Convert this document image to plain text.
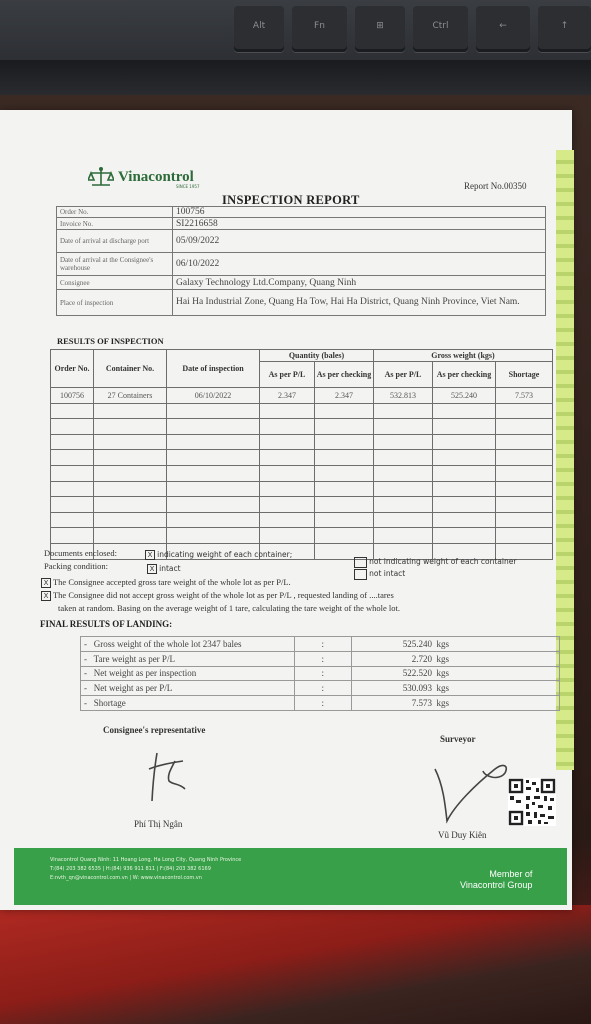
Alt	Fn	⊞	Ctrl	←	↑
Vinacontrol
SINCE 1957	Report No.00350
INSPECTION REPORT
Order No.	100756
Invoice No.	SI2216658
Date of arrival at discharge port	05/09/2022
Date of arrival at the Consignee's warehouse	06/10/2022
Consignee	Galaxy Technology Ltd.Company, Quang Ninh
Place of inspection	Hai Ha Industrial Zone, Quang Ha Tow, Hai Ha District, Quang Ninh Province, Viet Nam.
RESULTS OF INSPECTION
Order No.	Container No.	Date of inspection	Quantity (bales)		Gross weight (kgs)		
			As per P/L	As per checking	As per P/L	As per checking	Shortage
100756	27 Containers	06/10/2022	2.347	2.347	532.813	525.240	7.573

Documents enclosed:	X indicating weight of each container;
not indicating weight of each container
Packing condition:	X intact
not intact
X The Consignee accepted gross tare weight of the whole lot as per P/L.
X The Consignee did not accept gross weight of the whole lot as per P/L , requested landing of ....tares
taken at random. Basing on the average weight of 1 tare, calculating the tare weight of the whole lot.
FINAL RESULTS OF LANDING:
- Gross weight of the whole lot 2347 bales	:	525.240 kgs
- Tare weight as per P/L	:	2.720 kgs
- Net weight as per inspection	:	522.520 kgs
- Net weight as per P/L	:	530.093 kgs
- Shortage	:	7.573 kgs
Consignee's representative
Surveyor
Phí Thị Ngân
Vũ Duy Kiên
Vinacontrol Quang Ninh: 11 Hoang Long, Ha Long City, Quang Ninh Province
T:(84) 203 382 6535 | H:(84) 936 911 811 | F:(84) 203 382 6169
E:nvth_qn@vinacontrol.com.vn | W: www.vinacontrol.com.vn	Member of
Vinacontrol Group
